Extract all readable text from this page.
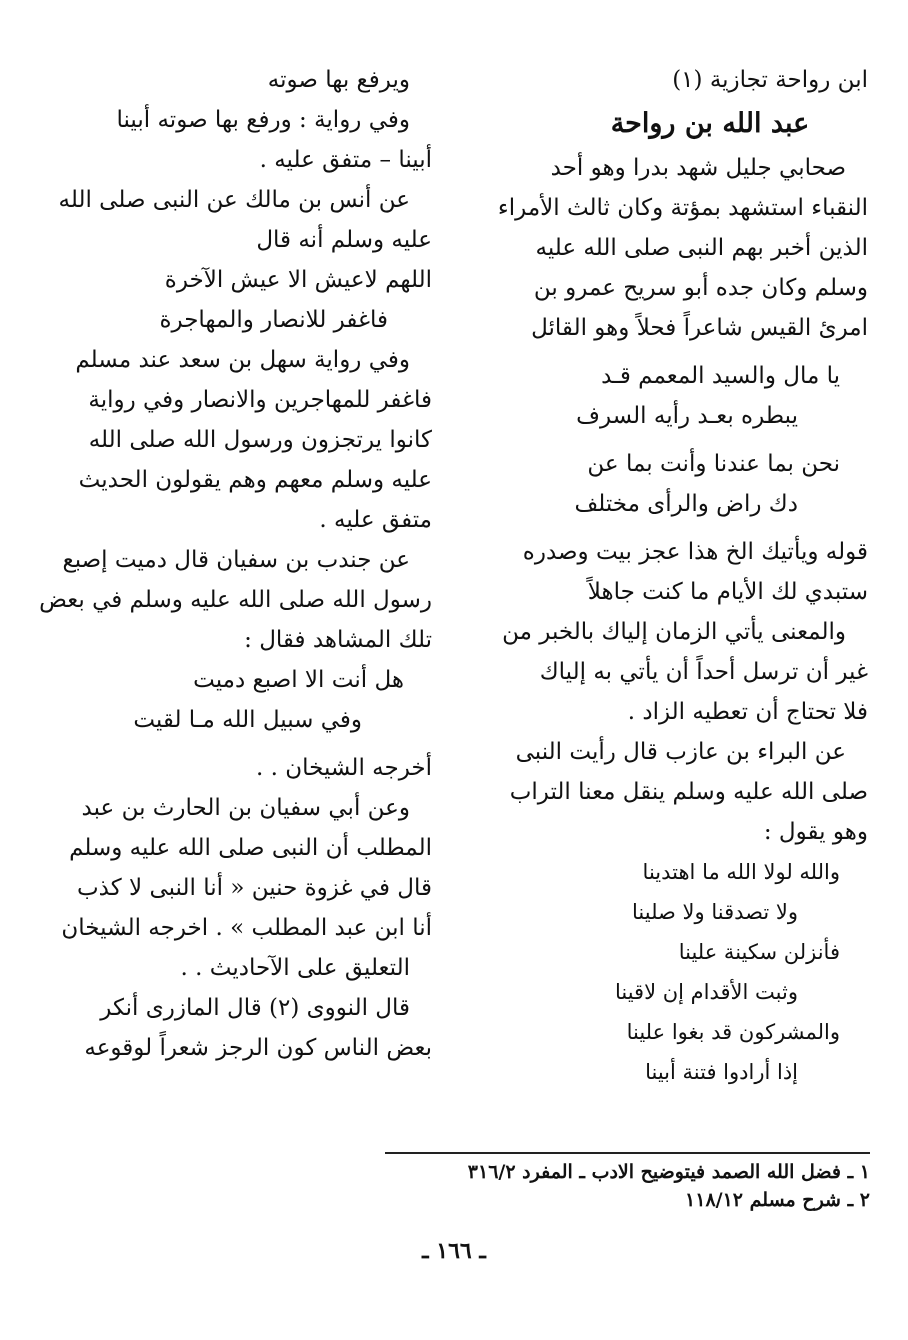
ابن رواحة تجازية (١)
عبد الله بن رواحة
صحابي جليل شهد بدرا وهو أحد
النقباء استشهد بمؤتة وكان ثالث الأمراء
الذين أخبر بهم النبى صلى الله عليه
وسلم وكان جده أبو سريح عمرو بن
امرئ القيس شاعراً فحلاً وهو القائل
يا مال والسيد المعمم قـد
يبطره بعـد رأيه السرف
نحن بما عندنا وأنت بما عن
دك راض والرأى مختلف
قوله ويأتيك الخ هذا عجز بيت وصدره
ستبدي لك الأيام ما كنت جاهلاً
والمعنى يأتي الزمان إلياك بالخبر من
غير أن ترسل أحداً أن يأتي به إلياك
فلا تحتاج أن تعطيه الزاد .
عن البراء بن عازب قال رأيت النبى
صلى الله عليه وسلم ينقل معنا التراب
وهو يقول :
والله لولا الله ما اهتدينا
ولا تصدقنا ولا صلينا
فأنزلن سكينة علينا
وثبت الأقدام إن لاقينا
والمشركون قد بغوا علينا
إذا أرادوا فتنة أبينا
ويرفع بها صوته
وفي رواية : ورفع بها صوته أبينا
أبينا – متفق عليه .
عن أنس بن مالك عن النبى صلى الله
عليه وسلم أنه قال
اللهم لاعيش الا عيش الآخرة
فاغفر للانصار والمهاجرة
وفي رواية سهل بن سعد عند مسلم
فاغفر للمهاجرين والانصار وفي رواية
كانوا يرتجزون ورسول الله صلى الله
عليه وسلم معهم وهم يقولون الحديث
متفق عليه .
عن جندب بن سفيان قال دميت إصبع
رسول الله صلى الله عليه وسلم في بعض
تلك المشاهد فقال :
هل أنت الا اصبع دميت
وفي سبيل الله مـا لقيت
أخرجه الشيخان . .
وعن أبي سفيان بن الحارث بن عبد
المطلب أن النبى صلى الله عليه وسلم
قال في غزوة حنين « أنا النبى لا كذب
أنا ابن عبد المطلب » . اخرجه الشيخان
التعليق على الآحاديث . .
قال النووى (٢) قال المازرى أنكر
بعض الناس كون الرجز شعراً لوقوعه
١ ـ فضل الله الصمد فيتوضيح الادب ـ المفرد ٣١٦/٢
٢ ـ شرح مسلم ١١٨/١٢
ـ ١٦٦ ـ
